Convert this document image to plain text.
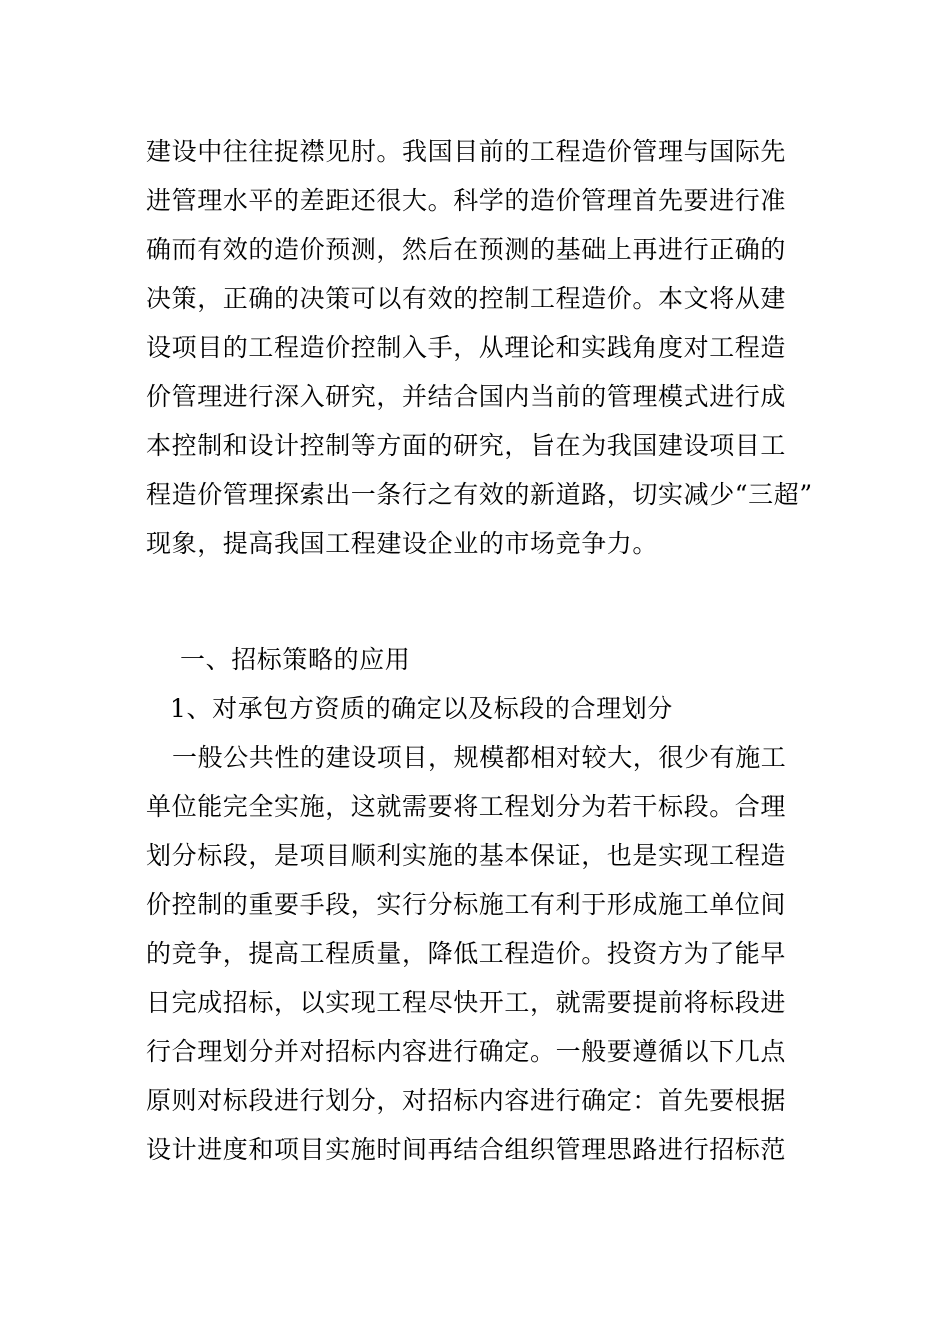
建设中往往捉襟见肘。我国目前的工程造价管理与国际先
进管理水平的差距还很大。科学的造价管理首先要进行准
确而有效的造价预测，然后在预测的基础上再进行正确的
决策，正确的决策可以有效的控制工程造价。本文将从建
设项目的工程造价控制入手，从理论和实践角度对工程造
价管理进行深入研究，并结合国内当前的管理模式进行成
本控制和设计控制等方面的研究，旨在为我国建设项目工
程造价管理探索出一条行之有效的新道路，切实减少“三超”
现象，提高我国工程建设企业的市场竞争力。
一、招标策略的应用
1、对承包方资质的确定以及标段的合理划分
一般公共性的建设项目，规模都相对较大，很少有施工
单位能完全实施，这就需要将工程划分为若干标段。合理
划分标段，是项目顺利实施的基本保证，也是实现工程造
价控制的重要手段，实行分标施工有利于形成施工单位间
的竞争，提高工程质量，降低工程造价。投资方为了能早
日完成招标，以实现工程尽快开工，就需要提前将标段进
行合理划分并对招标内容进行确定。一般要遵循以下几点
原则对标段进行划分，对招标内容进行确定：首先要根据
设计进度和项目实施时间再结合组织管理思路进行招标范
